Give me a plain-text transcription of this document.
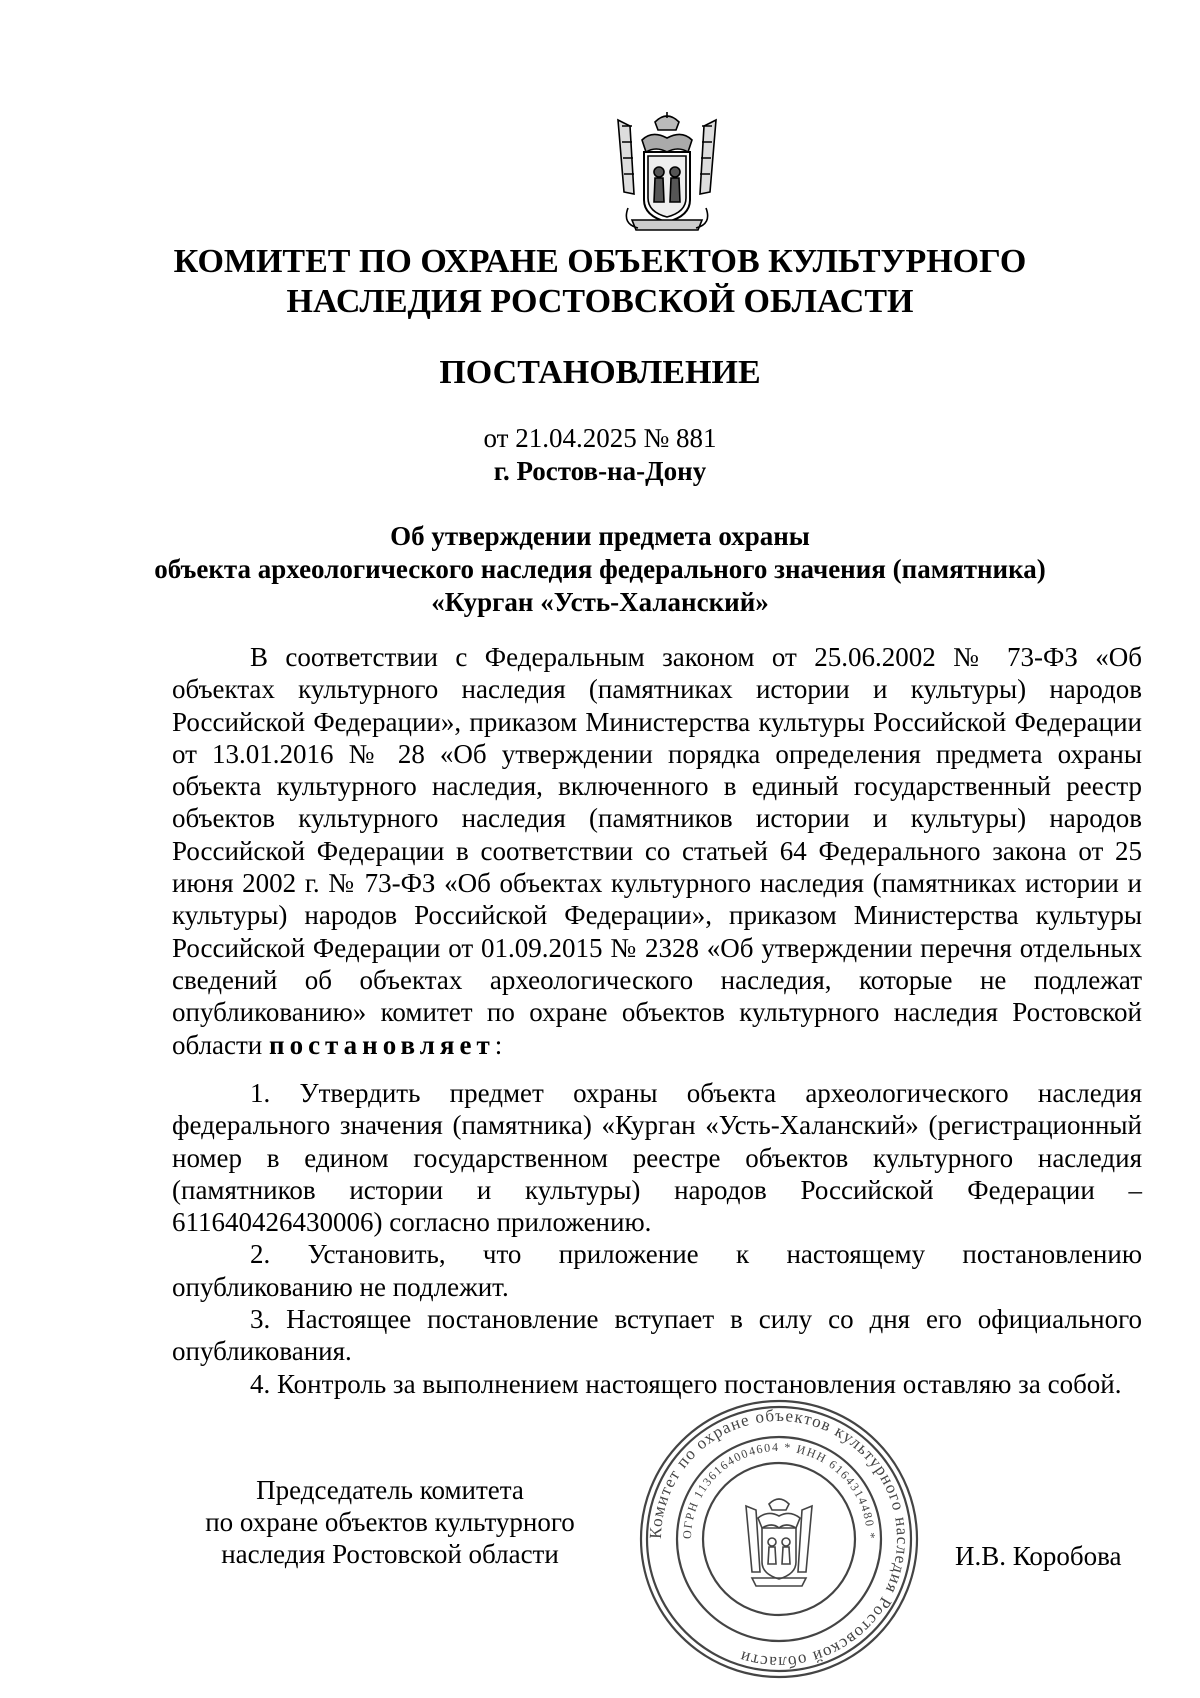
КОМИТЕТ ПО ОХРАНЕ ОБЪЕКТОВ КУЛЬТУРНОГО
НАСЛЕДИЯ РОСТОВСКОЙ ОБЛАСТИ
ПОСТАНОВЛЕНИЕ
от 21.04.2025 № 881
г. Ростов-на-Дону
Об утверждении предмета охраны
объекта археологического наследия федерального значения (памятника)
«Курган «Усть-Халанский»

В соответствии с Федеральным законом от 25.06.2002 № 73-ФЗ «Об объектах культурного наследия (памятниках истории и культуры) народов Российской Федерации», приказом Министерства культуры Российской Федерации от 13.01.2016 № 28 «Об утверждении порядка определения предмета охраны объекта культурного наследия, включенного в единый государственный реестр объектов культурного наследия (памятников истории и культуры) народов Российской Федерации в соответствии со статьей 64 Федерального закона от 25 июня 2002 г. № 73-ФЗ «Об объектах культурного наследия (памятниках истории и культуры) народов Российской Федерации», приказом Министерства культуры Российской Федерации от 01.09.2015 № 2328 «Об утверждении перечня отдельных сведений об объектах археологического наследия, которые не подлежат опубликованию» комитет по охране объектов культурного наследия Ростовской области постановляет:

1. Утвердить предмет охраны объекта археологического наследия федерального значения (памятника) «Курган «Усть-Халанский» (регистрационный номер в едином государственном реестре объектов культурного наследия (памятников истории и культуры) народов Российской Федерации – 611640426430006) согласно приложению.

2. Установить, что приложение к настоящему постановлению опубликованию не подлежит.

3. Настоящее постановление вступает в силу со дня его официального опубликования.

4. Контроль за выполнением настоящего постановления оставляю за собой.

Председатель комитета
по охране объектов культурного
наследия Ростовской области
Комитет по охране объектов культурного наследия Ростовской области
ОГРН 1136164004604 * ИНН 6164314480 *
И.В. Коробова
